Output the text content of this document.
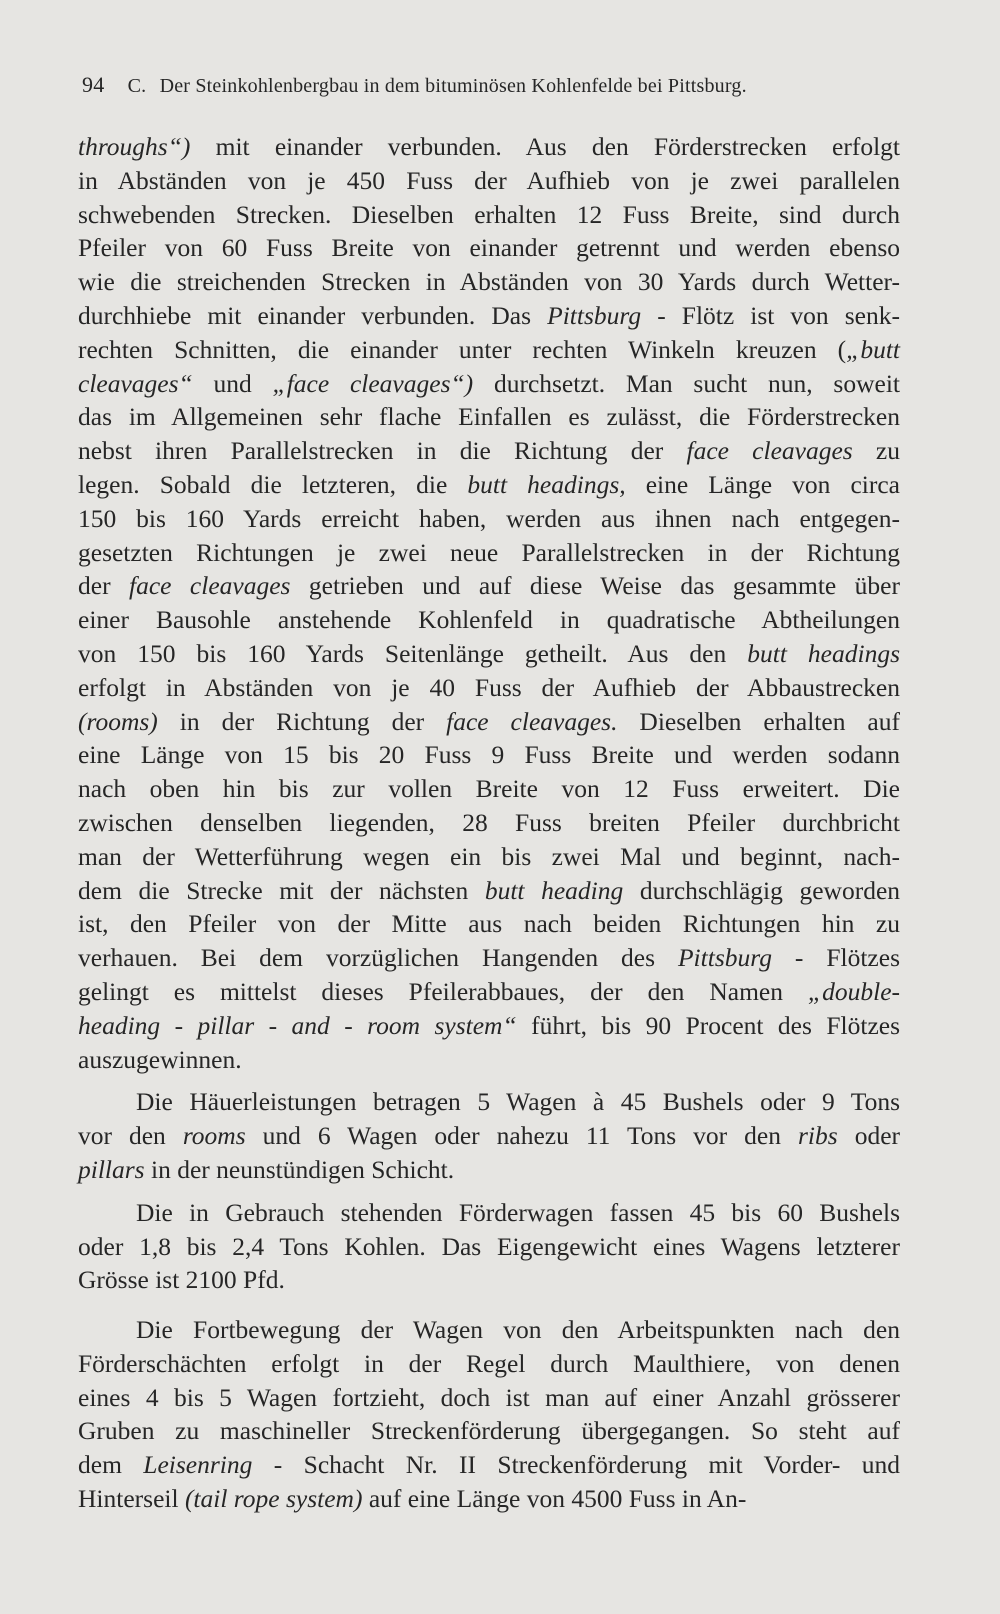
94 C. Der Steinkohlenbergbau in dem bituminösen Kohlenfelde bei Pittsburg.
throughs“) mit einander verbunden. Aus den Förderstrecken erfolgt
in Abständen von je 450 Fuss der Aufhieb von je zwei parallelen
schwebenden Strecken. Dieselben erhalten 12 Fuss Breite, sind durch
Pfeiler von 60 Fuss Breite von einander getrennt und werden ebenso
wie die streichenden Strecken in Abständen von 30 Yards durch Wetter-
durchhiebe mit einander verbunden. Das Pittsburg - Flötz ist von senk-
rechten Schnitten, die einander unter rechten Winkeln kreuzen („butt
cleavages“ und „face cleavages“) durchsetzt. Man sucht nun, soweit
das im Allgemeinen sehr flache Einfallen es zulässt, die Förderstrecken
nebst ihren Parallelstrecken in die Richtung der face cleavages zu
legen. Sobald die letzteren, die butt headings, eine Länge von circa
150 bis 160 Yards erreicht haben, werden aus ihnen nach entgegen-
gesetzten Richtungen je zwei neue Parallelstrecken in der Richtung
der face cleavages getrieben und auf diese Weise das gesammte über
einer Bausohle anstehende Kohlenfeld in quadratische Abtheilungen
von 150 bis 160 Yards Seitenlänge getheilt. Aus den butt headings
erfolgt in Abständen von je 40 Fuss der Aufhieb der Abbaustrecken
(rooms) in der Richtung der face cleavages. Dieselben erhalten auf
eine Länge von 15 bis 20 Fuss 9 Fuss Breite und werden sodann
nach oben hin bis zur vollen Breite von 12 Fuss erweitert. Die
zwischen denselben liegenden, 28 Fuss breiten Pfeiler durchbricht
man der Wetterführung wegen ein bis zwei Mal und beginnt, nach-
dem die Strecke mit der nächsten butt heading durchschlägig geworden
ist, den Pfeiler von der Mitte aus nach beiden Richtungen hin zu
verhauen. Bei dem vorzüglichen Hangenden des Pittsburg - Flötzes
gelingt es mittelst dieses Pfeilerabbaues, der den Namen „double-
heading - pillar - and - room system“ führt, bis 90 Procent des Flötzes
auszugewinnen.
Die Häuerleistungen betragen 5 Wagen à 45 Bushels oder 9 Tons
vor den rooms und 6 Wagen oder nahezu 11 Tons vor den ribs oder
pillars in der neunstündigen Schicht.
Die in Gebrauch stehenden Förderwagen fassen 45 bis 60 Bushels
oder 1,8 bis 2,4 Tons Kohlen. Das Eigengewicht eines Wagens letzterer
Grösse ist 2100 Pfd.
Die Fortbewegung der Wagen von den Arbeitspunkten nach den
Förderschächten erfolgt in der Regel durch Maulthiere, von denen
eines 4 bis 5 Wagen fortzieht, doch ist man auf einer Anzahl grösserer
Gruben zu maschineller Streckenförderung übergegangen. So steht auf
dem Leisenring - Schacht Nr. II Streckenförderung mit Vorder- und
Hinterseil (tail rope system) auf eine Länge von 4500 Fuss in An-
